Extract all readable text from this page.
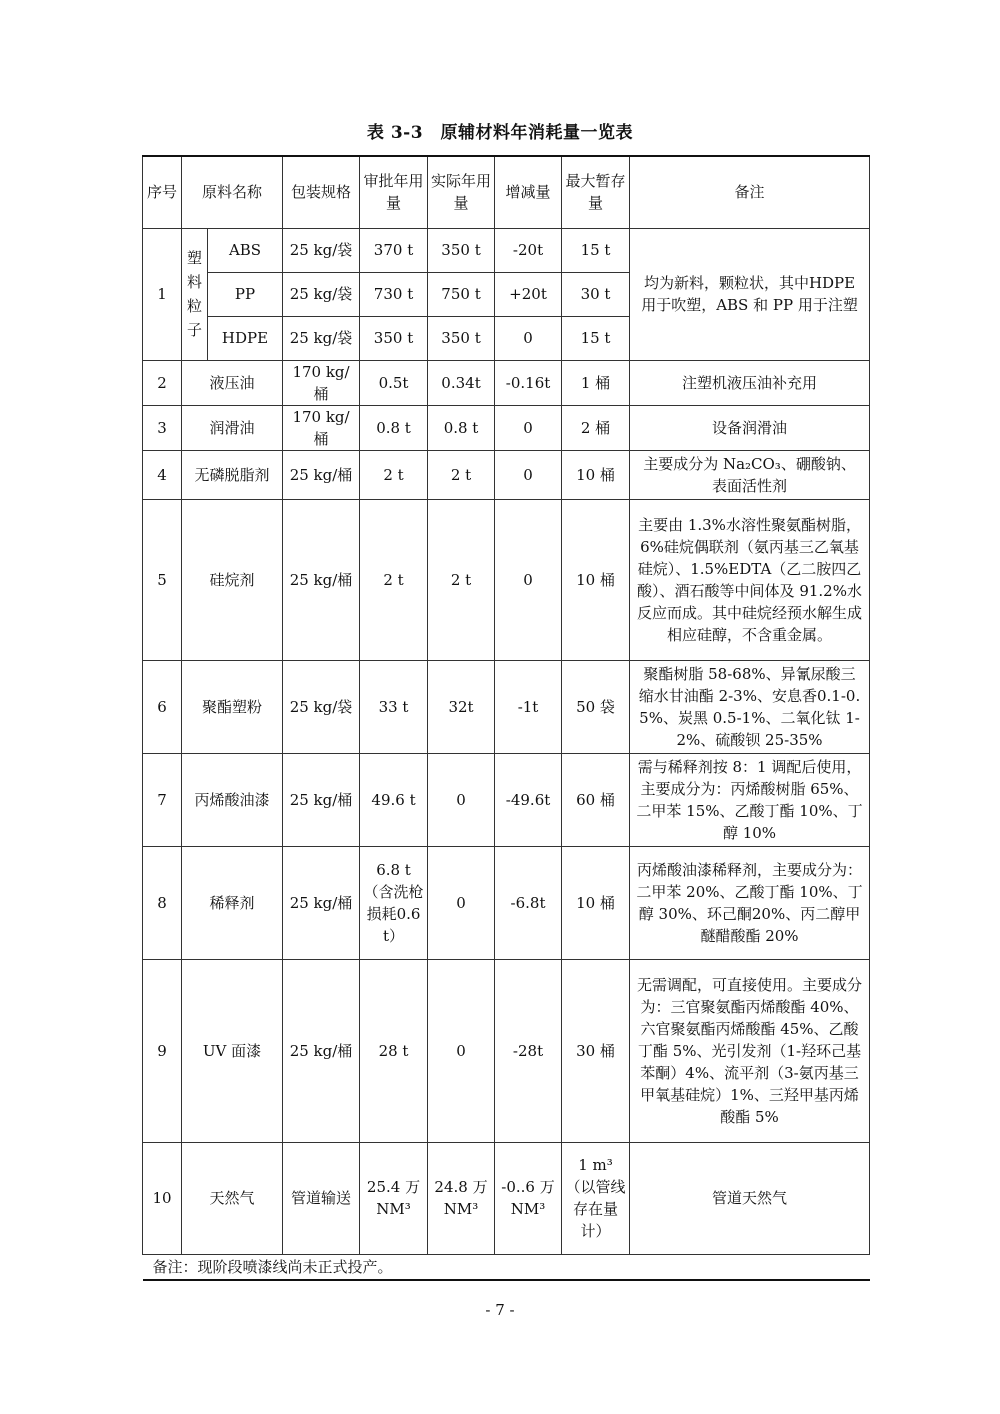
表 3-3　原辅材料年消耗量一览表
序号	原料名称		包装规格	审批年用量	实际年用量	增减量	最大暂存量	备注
1	塑料粒子	ABS	25 kg/袋	370 t	350 t	-20t	15 t	均为新料，颗粒状，其中HDPE 用于吹塑，ABS 和 PP 用于注塑
		PP	25 kg/袋	730 t	750 t	+20t	30 t	
		HDPE	25 kg/袋	350 t	350 t	0	15 t	
2	液压油		170 kg/桶	0.5t	0.34t	-0.16t	1 桶	注塑机液压油补充用
3	润滑油		170 kg/桶	0.8 t	0.8 t	0	2 桶	设备润滑油
4	无磷脱脂剂		25 kg/桶	2 t	2 t	0	10 桶	主要成分为 Na₂CO₃、硼酸钠、表面活性剂
5	硅烷剂		25 kg/桶	2 t	2 t	0	10 桶	主要由 1.3%水溶性聚氨酯树脂，6%硅烷偶联剂（氨丙基三乙氧基硅烷）、1.5%EDTA（乙二胺四乙酸）、酒石酸等中间体及 91.2%水反应而成。其中硅烷经预水解生成相应硅醇，不含重金属。
6	聚酯塑粉		25 kg/袋	33 t	32t	-1t	50 袋	聚酯树脂 58-68%、异氰尿酸三缩水甘油酯 2-3%、安息香0.1-0.5%、炭黑 0.5-1%、二氧化钛 1-2%、硫酸钡 25-35%
7	丙烯酸油漆		25 kg/桶	49.6 t	0	-49.6t	60 桶	需与稀释剂按 8：1 调配后使用，主要成分为：丙烯酸树脂 65%、二甲苯 15%、乙酸丁酯 10%、丁醇 10%
8	稀释剂		25 kg/桶	6.8 t（含洗枪损耗0.6 t）	0	-6.8t	10 桶	丙烯酸油漆稀释剂，主要成分为：二甲苯 20%、乙酸丁酯 10%、丁醇 30%、环己酮20%、丙二醇甲醚醋酸酯 20%
9	UV 面漆		25 kg/桶	28 t	0	-28t	30 桶	无需调配，可直接使用。主要成分为：三官聚氨酯丙烯酸酯 40%、六官聚氨酯丙烯酸酯 45%、乙酸丁酯 5%、光引发剂（1-羟环己基苯酮）4%、流平剂（3-氨丙基三甲氧基硅烷）1%、三羟甲基丙烯酸酯 5%
10	天然气		管道输送	25.4 万 NM³	24.8 万 NM³	-0..6 万 NM³	1 m³（以管线存在量计）	管道天然气
备注：现阶段喷漆线尚未正式投产。								
- 7 -
